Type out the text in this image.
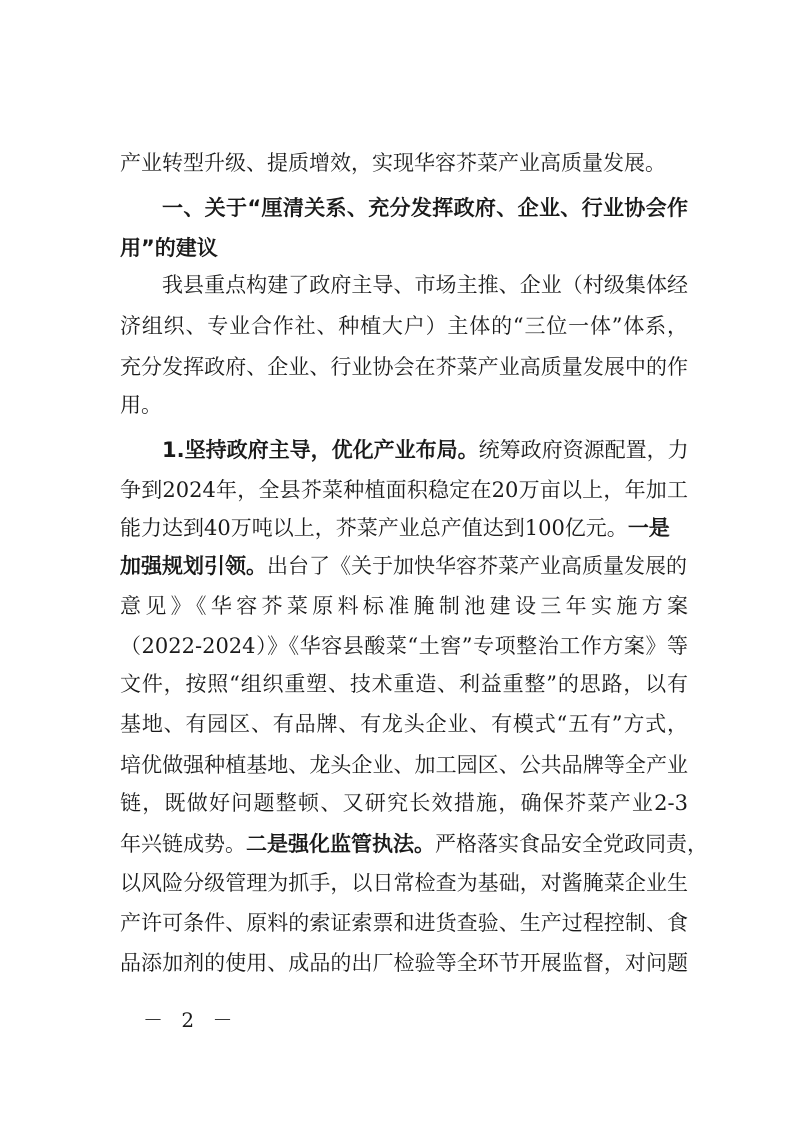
产业转型升级、提质增效，实现华容芥菜产业高质量发展。
一、关于“厘清关系、充分发挥政府、企业、行业协会作
用”的建议
我县重点构建了政府主导、市场主推、企业（村级集体经
济组织、专业合作社、种植大户）主体的“三位一体”体系，
充分发挥政府、企业、行业协会在芥菜产业高质量发展中的作
用。
1.坚持政府主导，优化产业布局。统筹政府资源配置，力
争到2024年，全县芥菜种植面积稳定在20万亩以上，年加工
能力达到40万吨以上，芥菜产业总产值达到100亿元。一是
加强规划引领。出台了《关于加快华容芥菜产业高质量发展的
意见》《华容芥菜原料标准腌制池建设三年实施方案
（2022-2024）》《华容县酸菜“土窖”专项整治工作方案》等
文件，按照“组织重塑、技术重造、利益重整”的思路，以有
基地、有园区、有品牌、有龙头企业、有模式“五有”方式，
培优做强种植基地、龙头企业、加工园区、公共品牌等全产业
链，既做好问题整顿、又研究长效措施，确保芥菜产业2-3
年兴链成势。二是强化监管执法。严格落实食品安全党政同责，
以风险分级管理为抓手，以日常检查为基础，对酱腌菜企业生
产许可条件、原料的索证索票和进货查验、生产过程控制、食
品添加剂的使用、成品的出厂检验等全环节开展监督，对问题
－ 2 －
